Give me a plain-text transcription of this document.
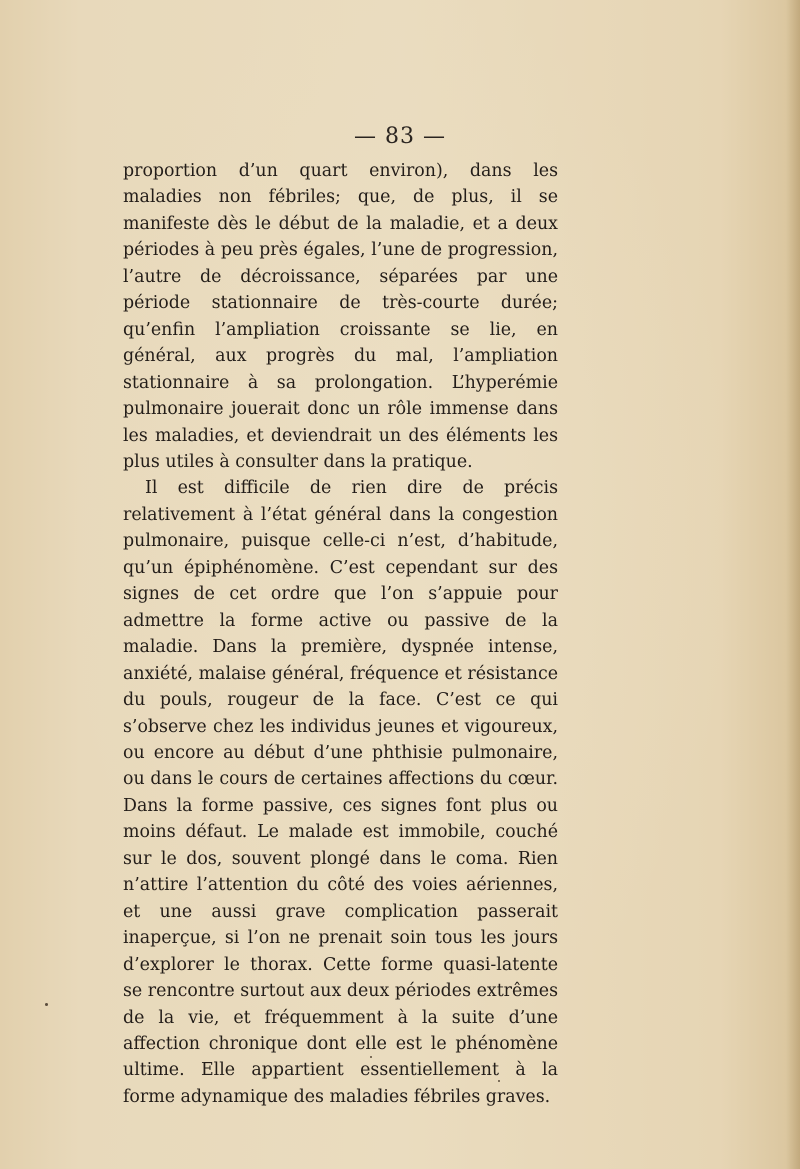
— 83 —

proportion d’un quart environ), dans les maladies non fébriles; que, de plus, il se manifeste dès le début de la maladie, et a deux périodes à peu près égales, l’une de progression, l’autre de décroissance, séparées par une période stationnaire de très-courte durée; qu’enfin l’ampliation croissante se lie, en général, aux progrès du mal, l’ampliation stationnaire à sa prolongation. L’hyperémie pulmonaire jouerait donc un rôle immense dans les maladies, et deviendrait un des éléments les plus utiles à consulter dans la pratique.

Il est difficile de rien dire de précis relativement à l’état général dans la congestion pulmonaire, puisque celle-ci n’est, d’habitude, qu’un épiphénomène. C’est cependant sur des signes de cet ordre que l’on s’appuie pour admettre la forme active ou passive de la maladie. Dans la première, dyspnée intense, anxiété, malaise général, fréquence et résistance du pouls, rougeur de la face. C’est ce qui s’observe chez les individus jeunes et vigoureux, ou encore au début d’une phthisie pulmonaire, ou dans le cours de certaines affections du cœur. Dans la forme passive, ces signes font plus ou moins défaut. Le malade est immobile, couché sur le dos, souvent plongé dans le coma. Rien n’attire l’attention du côté des voies aériennes, et une aussi grave complication passerait inaperçue, si l’on ne prenait soin tous les jours d’explorer le thorax. Cette forme quasi-latente se rencontre surtout aux deux périodes extrêmes de la vie, et fréquemment à la suite d’une affection chronique dont elle est le phénomène ultime. Elle appartient essentiellement à la forme adynamique des maladies fébriles graves.
